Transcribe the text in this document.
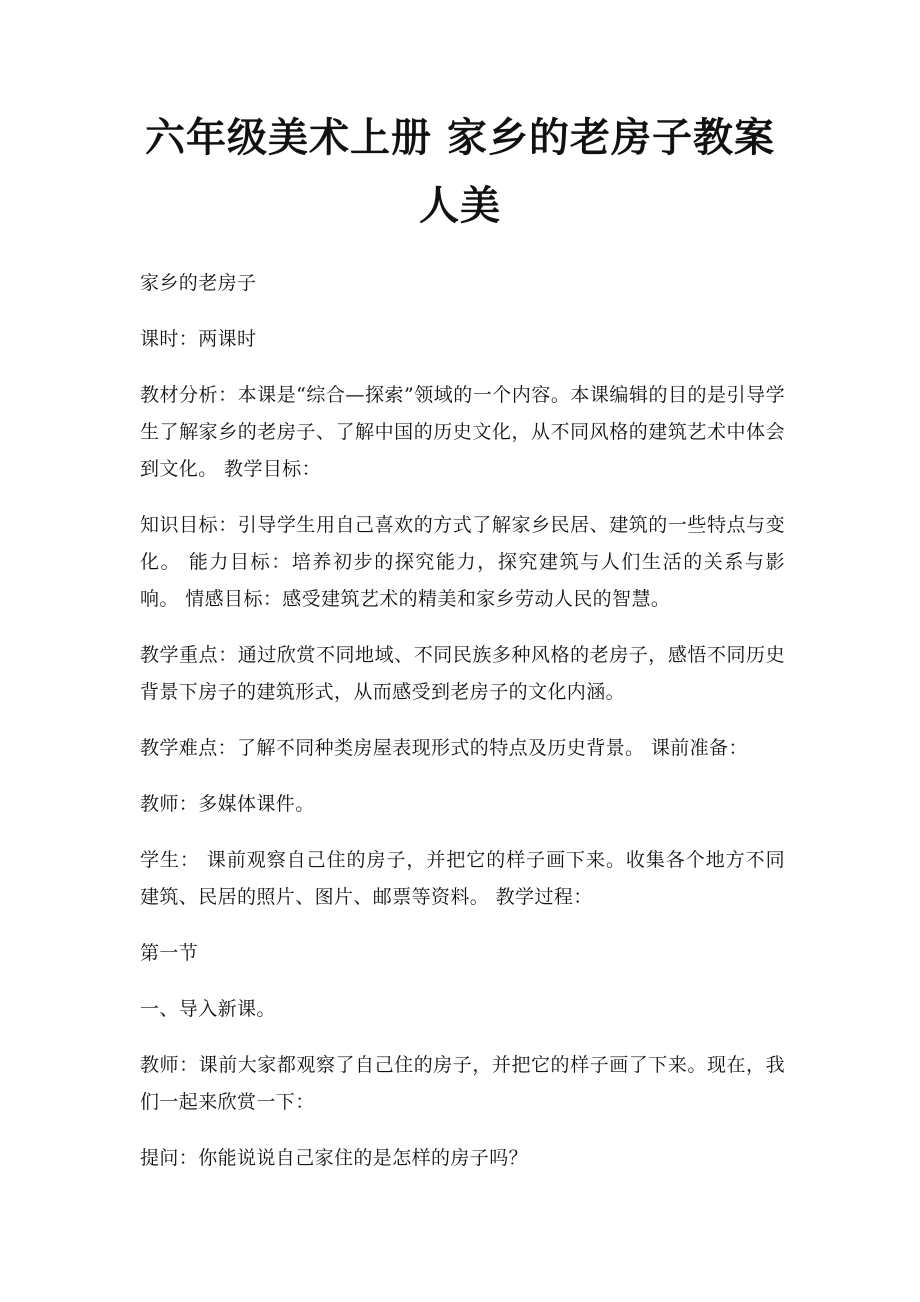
六年级美术上册 家乡的老房子教案 人美

家乡的老房子

课时：两课时

教材分析：本课是“综合—探索”领域的一个内容。本课编辑的目的是引导学生了解家乡的老房子、了解中国的历史文化，从不同风格的建筑艺术中体会到文化。 教学目标：

知识目标：引导学生用自己喜欢的方式了解家乡民居、建筑的一些特点与变化。 能力目标：培养初步的探究能力，探究建筑与人们生活的关系与影响。 情感目标：感受建筑艺术的精美和家乡劳动人民的智慧。

教学重点：通过欣赏不同地域、不同民族多种风格的老房子，感悟不同历史背景下房子的建筑形式，从而感受到老房子的文化内涵。

教学难点：了解不同种类房屋表现形式的特点及历史背景。 课前准备：

教师：多媒体课件。

学生： 课前观察自己住的房子，并把它的样子画下来。收集各个地方不同建筑、民居的照片、图片、邮票等资料。 教学过程：

第一节

一、导入新课。

教师：课前大家都观察了自己住的房子，并把它的样子画了下来。现在，我们一起来欣赏一下：

提问：你能说说自己家住的是怎样的房子吗？
